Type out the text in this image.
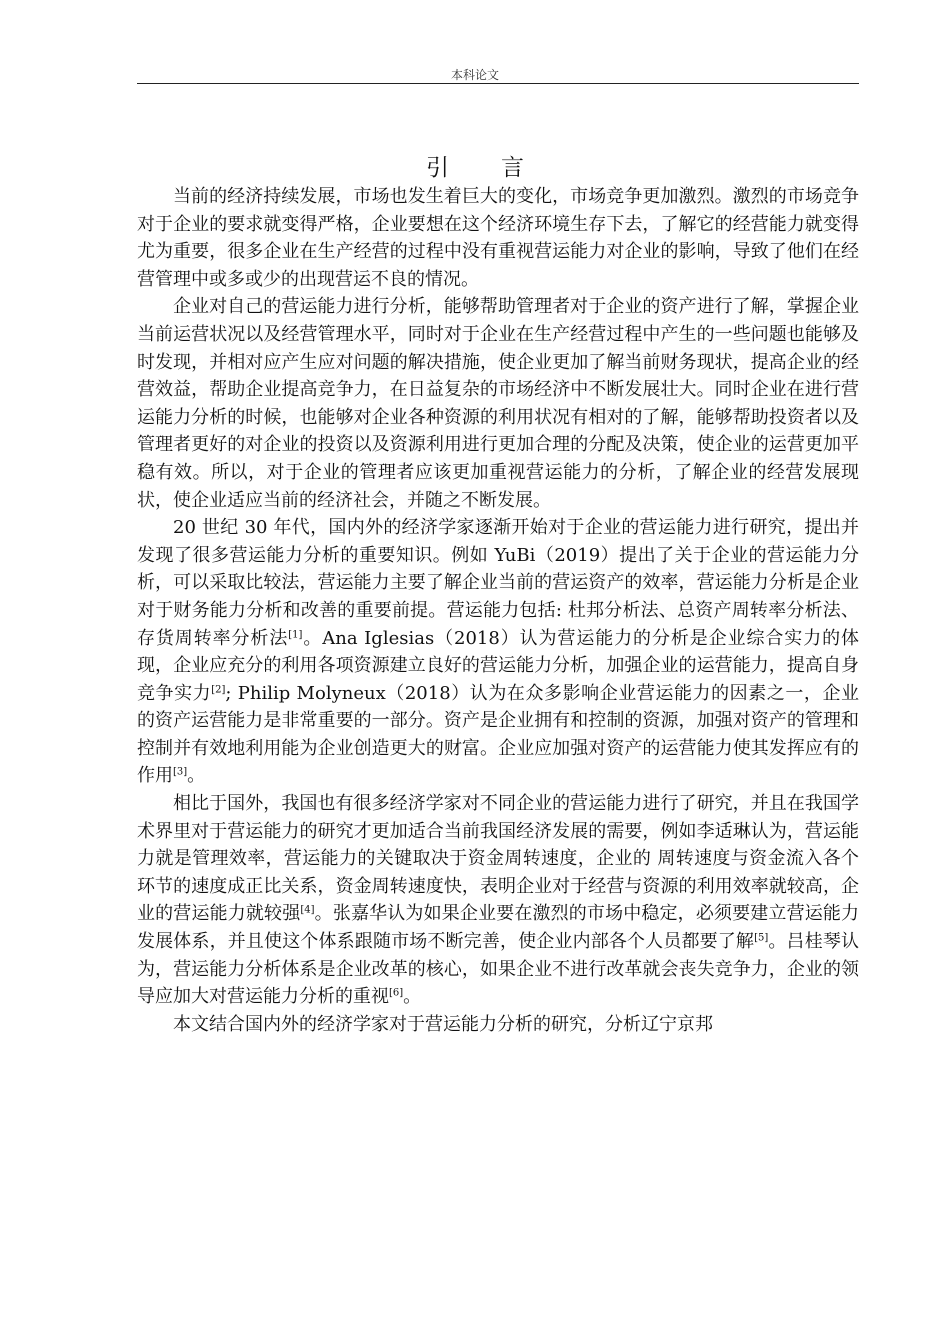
本科论文
引言

当前的经济持续发展，市场也发生着巨大的变化，市场竞争更加激烈。激烈的市场竞争对于企业的要求就变得严格，企业要想在这个经济环境生存下去，了解它的经营能力就变得尤为重要，很多企业在生产经营的过程中没有重视营运能力对企业的影响，导致了他们在经营管理中或多或少的出现营运不良的情况。

企业对自己的营运能力进行分析，能够帮助管理者对于企业的资产进行了解，掌握企业当前运营状况以及经营管理水平，同时对于企业在生产经营过程中产生的一些问题也能够及时发现，并相对应产生应对问题的解决措施，使企业更加了解当前财务现状，提高企业的经营效益，帮助企业提高竞争力，在日益复杂的市场经济中不断发展壮大。同时企业在进行营运能力分析的时候，也能够对企业各种资源的利用状况有相对的了解，能够帮助投资者以及管理者更好的对企业的投资以及资源利用进行更加合理的分配及决策，使企业的运营更加平稳有效。所以，对于企业的管理者应该更加重视营运能力的分析，了解企业的经营发展现状，使企业适应当前的经济社会，并随之不断发展。

20 世纪 30 年代，国内外的经济学家逐渐开始对于企业的营运能力进行研究，提出并发现了很多营运能力分析的重要知识。例如 YuBi（2019）提出了关于企业的营运能力分析，可以采取比较法，营运能力主要了解企业当前的营运资产的效率，营运能力分析是企业对于财务能力分析和改善的重要前提。营运能力包括: 杜邦分析法、总资产周转率分析法、存货周转率分析法[1]。Ana Iglesias（2018）认为营运能力的分析是企业综合实力的体现，企业应充分的利用各项资源建立良好的营运能力分析，加强企业的运营能力，提高自身竞争实力[2]; Philip Molyneux（2018）认为在众多影响企业营运能力的因素之一，企业的资产运营能力是非常重要的一部分。资产是企业拥有和控制的资源，加强对资产的管理和控制并有效地利用能为企业创造更大的财富。企业应加强对资产的运营能力使其发挥应有的作用[3]。

相比于国外，我国也有很多经济学家对不同企业的营运能力进行了研究，并且在我国学术界里对于营运能力的研究才更加适合当前我国经济发展的需要，例如李适琳认为，营运能力就是管理效率，营运能力的关键取决于资金周转速度，企业的 周转速度与资金流入各个环节的速度成正比关系，资金周转速度快，表明企业对于经营与资源的利用效率就较高，企业的营运能力就较强[4]。张嘉华认为如果企业要在激烈的市场中稳定，必须要建立营运能力发展体系，并且使这个体系跟随市场不断完善，使企业内部各个人员都要了解[5]。吕桂琴认为，营运能力分析体系是企业改革的核心，如果企业不进行改革就会丧失竞争力，企业的领导应加大对营运能力分析的重视[6]。

本文结合国内外的经济学家对于营运能力分析的研究，分析辽宁京邦
